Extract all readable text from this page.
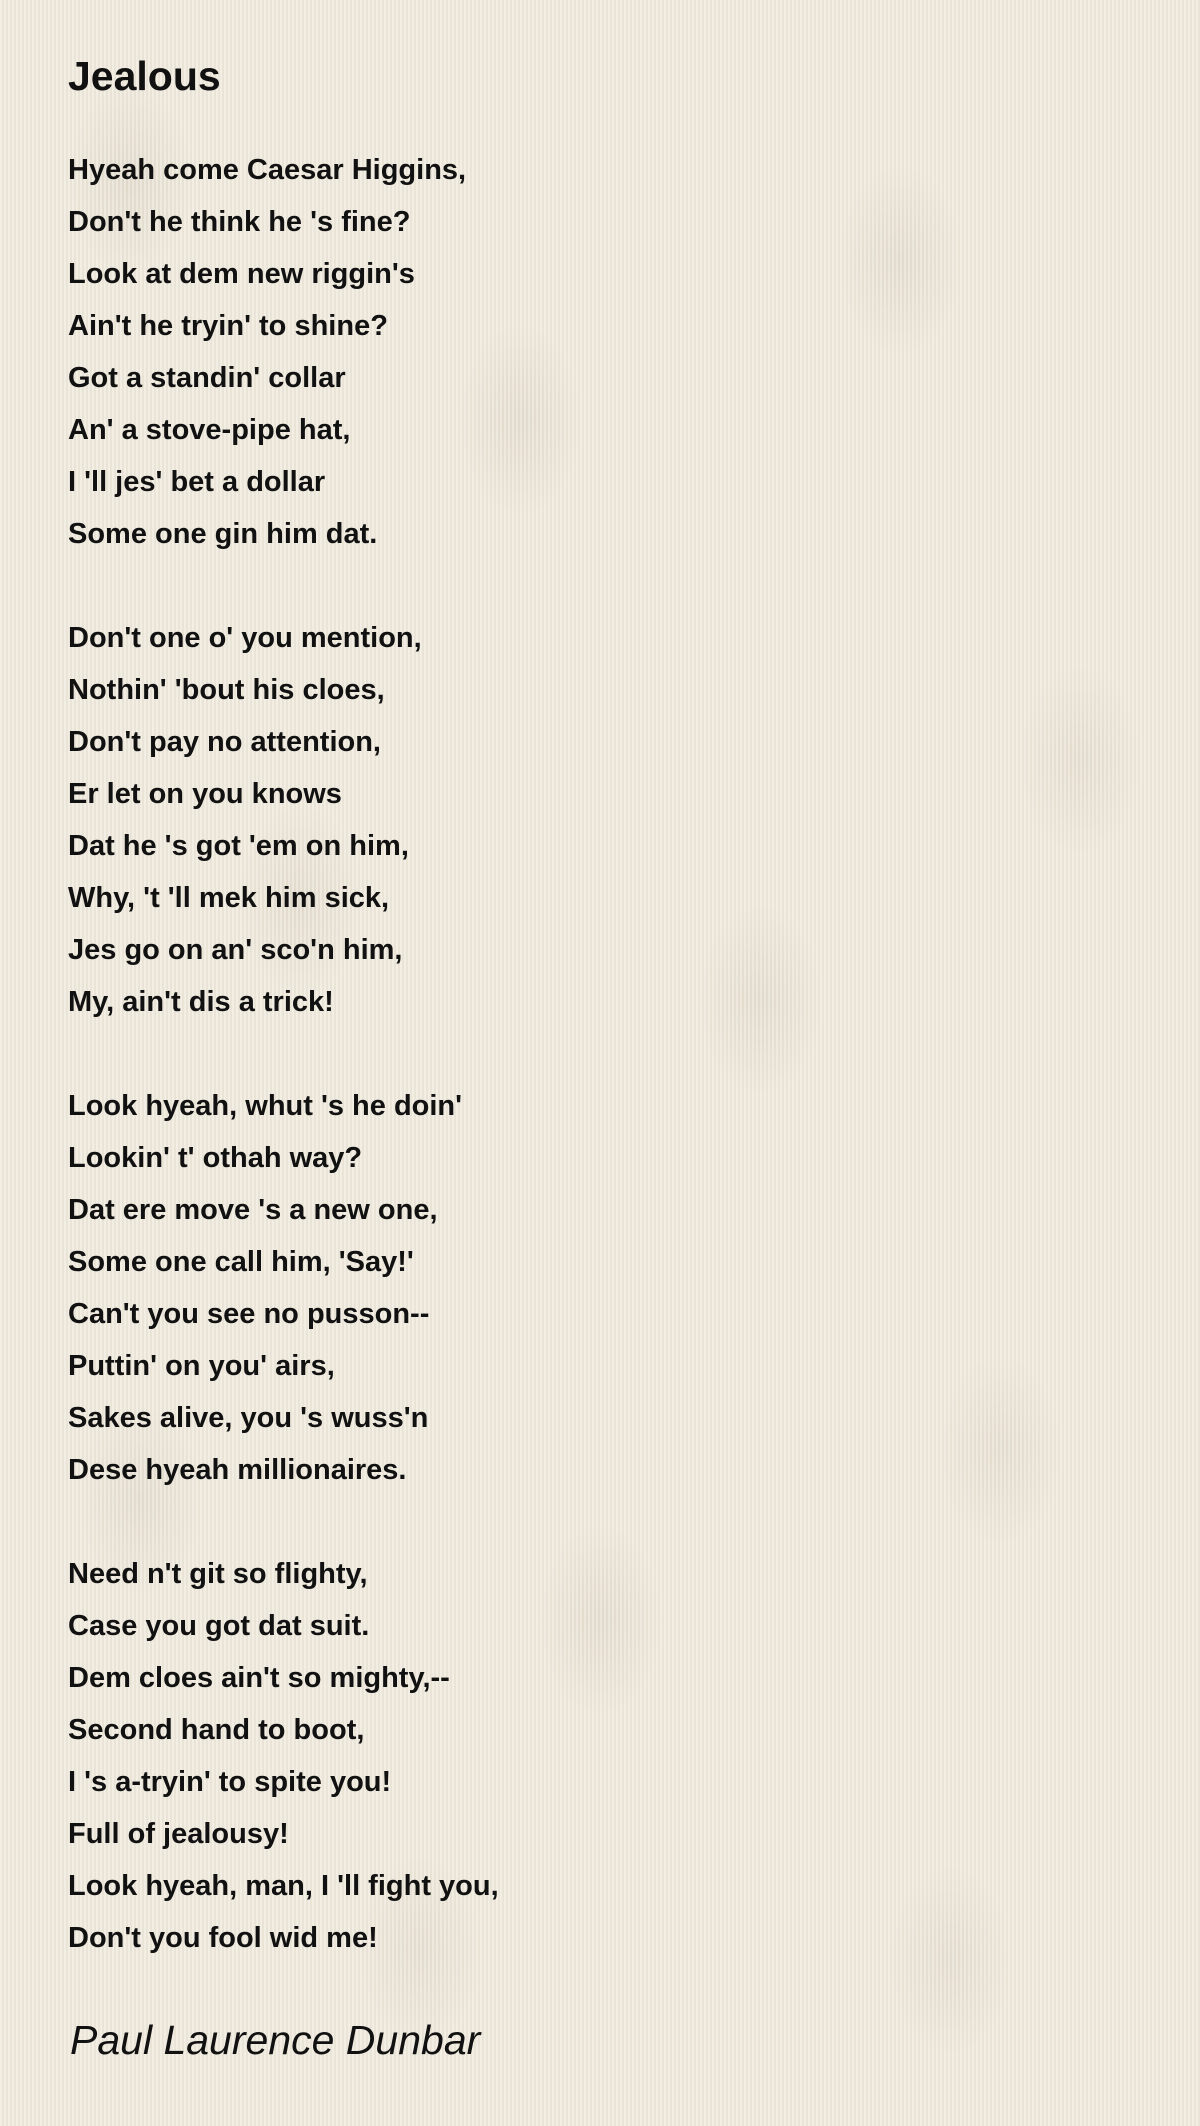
Jealous
Hyeah come Caesar Higgins,
Don't he think he 's fine?
Look at dem new riggin's
Ain't he tryin' to shine?
Got a standin' collar
An' a stove-pipe hat,
I 'll jes' bet a dollar
Some one gin him dat.
Don't one o' you mention,
Nothin' 'bout his cloes,
Don't pay no attention,
Er let on you knows
Dat he 's got 'em on him,
Why, 't 'll mek him sick,
Jes go on an' sco'n him,
My, ain't dis a trick!
Look hyeah, whut 's he doin'
Lookin' t' othah way?
Dat ere move 's a new one,
Some one call him, 'Say!'
Can't you see no pusson--
Puttin' on you' airs,
Sakes alive, you 's wuss'n
Dese hyeah millionaires.
Need n't git so flighty,
Case you got dat suit.
Dem cloes ain't so mighty,--
Second hand to boot,
I 's a-tryin' to spite you!
Full of jealousy!
Look hyeah, man, I 'll fight you,
Don't you fool wid me!
Paul Laurence Dunbar
